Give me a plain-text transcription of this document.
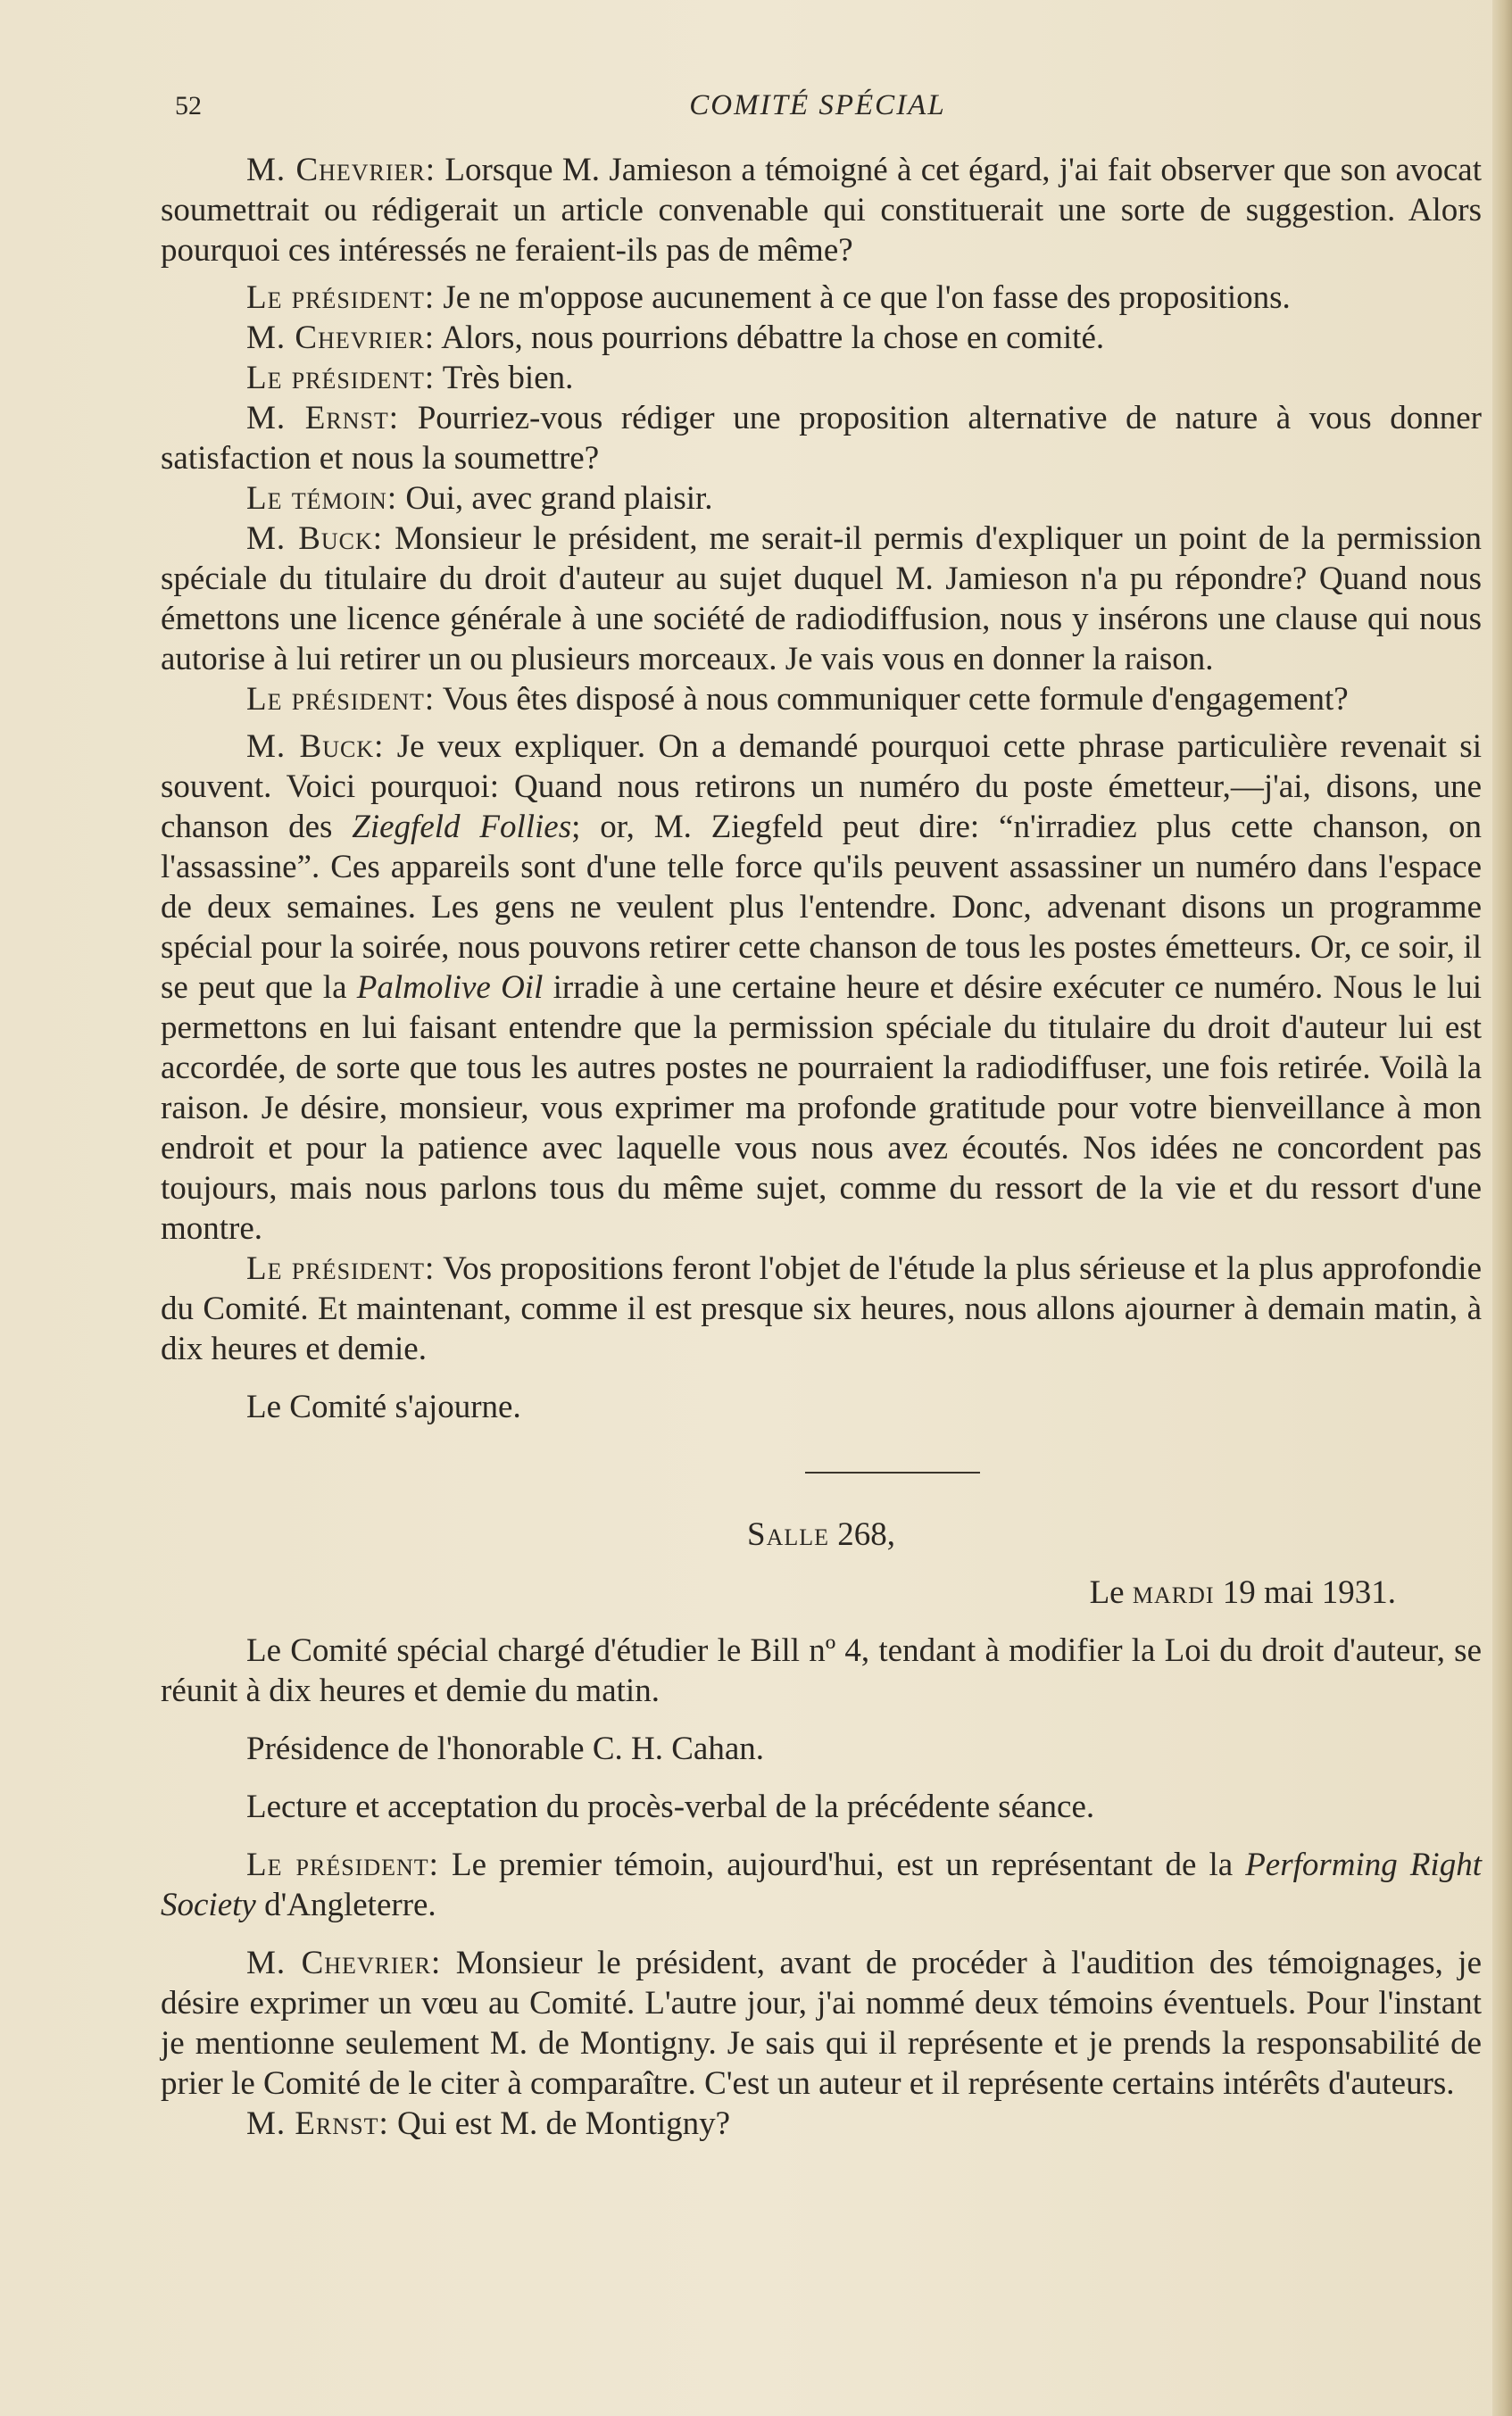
52	COMITÉ SPÉCIAL

M. Chevrier: Lorsque M. Jamieson a témoigné à cet égard, j'ai fait observer que son avocat soumettrait ou rédigerait un article convenable qui constituerait une sorte de suggestion. Alors pourquoi ces intéressés ne feraient-ils pas de même?

Le président: Je ne m'oppose aucunement à ce que l'on fasse des propositions.

M. Chevrier: Alors, nous pourrions débattre la chose en comité.

Le président: Très bien.

M. Ernst: Pourriez-vous rédiger une proposition alternative de nature à vous donner satisfaction et nous la soumettre?

Le témoin: Oui, avec grand plaisir.

M. Buck: Monsieur le président, me serait-il permis d'expliquer un point de la permission spéciale du titulaire du droit d'auteur au sujet duquel M. Jamieson n'a pu répondre? Quand nous émettons une licence générale à une société de radiodiffusion, nous y insérons une clause qui nous autorise à lui retirer un ou plusieurs morceaux. Je vais vous en donner la raison.

Le président: Vous êtes disposé à nous communiquer cette formule d'engagement?

M. Buck: Je veux expliquer. On a demandé pourquoi cette phrase particulière revenait si souvent. Voici pourquoi: Quand nous retirons un numéro du poste émetteur,—j'ai, disons, une chanson des Ziegfeld Follies; or, M. Ziegfeld peut dire: “n'irradiez plus cette chanson, on l'assassine”. Ces appareils sont d'une telle force qu'ils peuvent assassiner un numéro dans l'espace de deux semaines. Les gens ne veulent plus l'entendre. Donc, advenant disons un programme spécial pour la soirée, nous pouvons retirer cette chanson de tous les postes émetteurs. Or, ce soir, il se peut que la Palmolive Oil irradie à une certaine heure et désire exécuter ce numéro. Nous le lui permettons en lui faisant entendre que la permission spéciale du titulaire du droit d'auteur lui est accordée, de sorte que tous les autres postes ne pourraient la radiodiffuser, une fois retirée. Voilà la raison. Je désire, monsieur, vous exprimer ma profonde gratitude pour votre bienveillance à mon endroit et pour la patience avec laquelle vous nous avez écoutés. Nos idées ne concordent pas toujours, mais nous parlons tous du même sujet, comme du ressort de la vie et du ressort d'une montre.

Le président: Vos propositions feront l'objet de l'étude la plus sérieuse et la plus approfondie du Comité. Et maintenant, comme il est presque six heures, nous allons ajourner à demain matin, à dix heures et demie.

Le Comité s'ajourne.

Salle 268,

Le mardi 19 mai 1931.

Le Comité spécial chargé d'étudier le Bill nº 4, tendant à modifier la Loi du droit d'auteur, se réunit à dix heures et demie du matin.

Présidence de l'honorable C. H. Cahan.

Lecture et acceptation du procès-verbal de la précédente séance.

Le président: Le premier témoin, aujourd'hui, est un représentant de la Performing Right Society d'Angleterre.

M. Chevrier: Monsieur le président, avant de procéder à l'audition des témoignages, je désire exprimer un vœu au Comité. L'autre jour, j'ai nommé deux témoins éventuels. Pour l'instant je mentionne seulement M. de Montigny. Je sais qui il représente et je prends la responsabilité de prier le Comité de le citer à comparaître. C'est un auteur et il représente certains intérêts d'auteurs.

M. Ernst: Qui est M. de Montigny?
